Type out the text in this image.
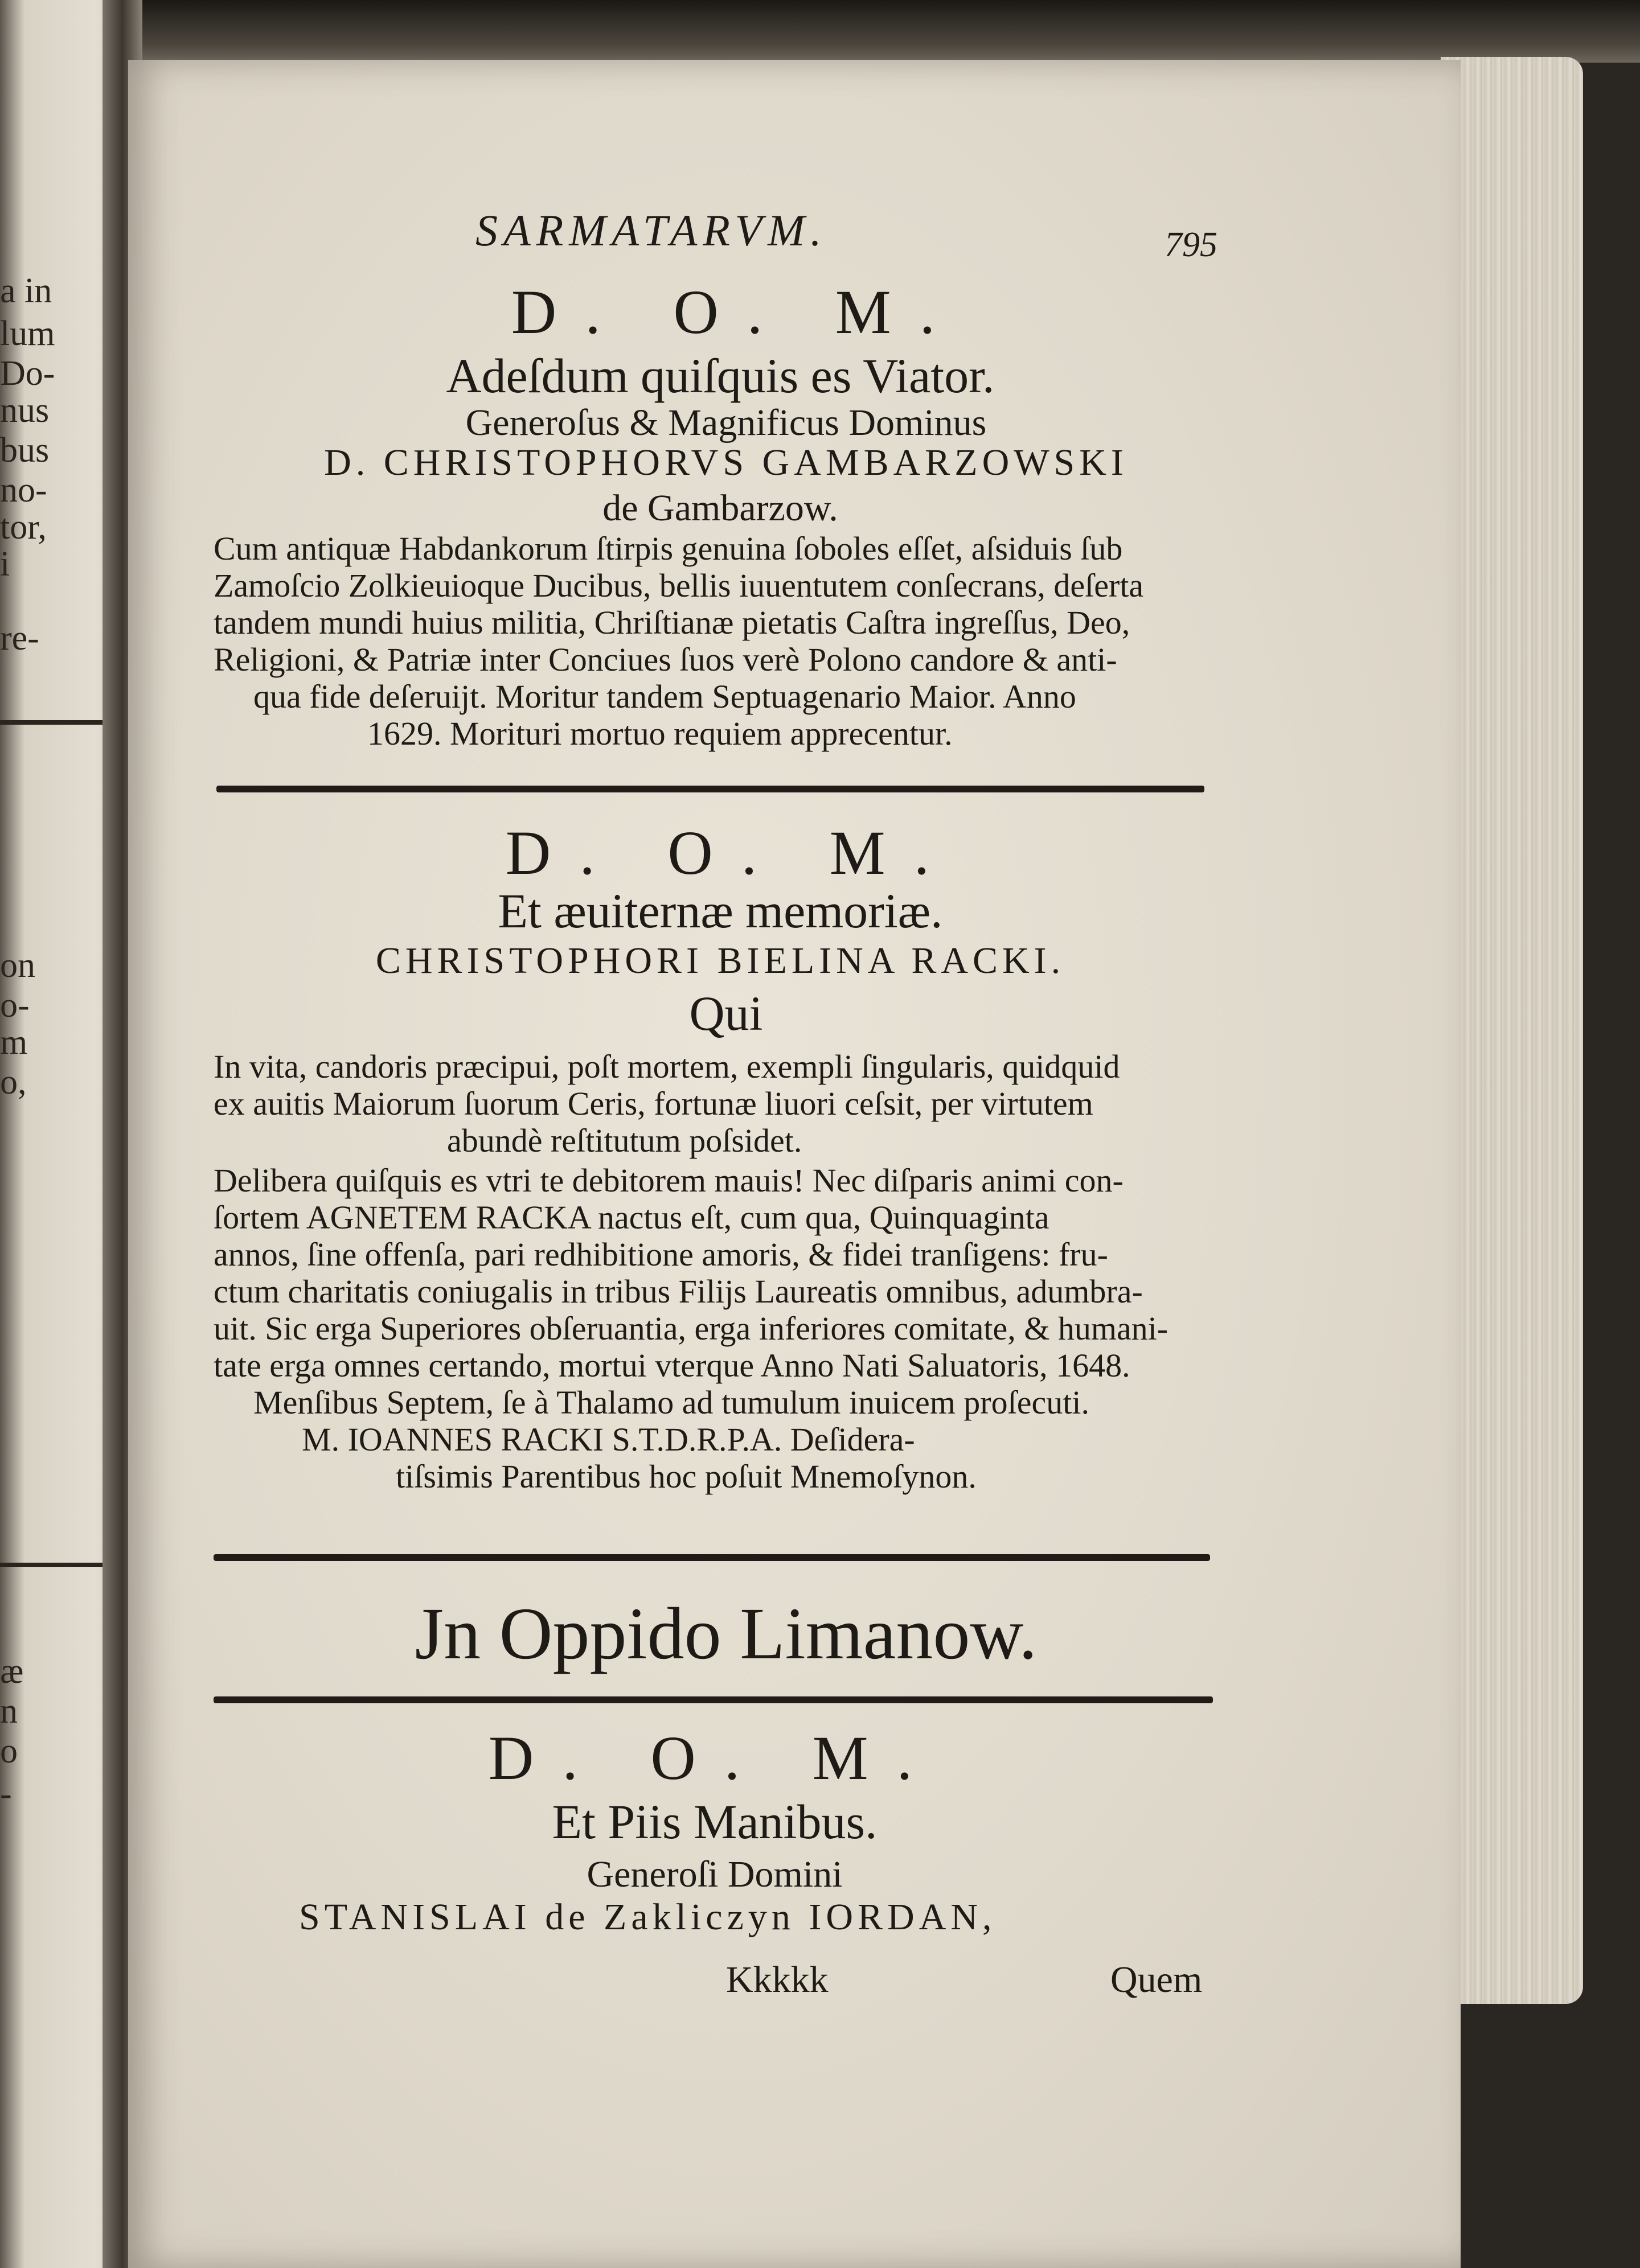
a in
lum
Do-
nus
bus
no-
tor,
i
re-
on
o-
m
o,
æ
n
o
-

SARMATARVM.	795

D. O. M.

Adeſdum quiſquis es Viator.

Generoſus & Magnificus Dominus

D. CHRISTOPHORVS GAMBARZOWSKI

de Gambarzow.

Cum antiquæ Habdankorum ſtirpis genuina ſoboles eſſet, aſsiduis ſub

Zamoſcio Zolkieuioque Ducibus, bellis iuuentutem conſecrans, deſerta

tandem mundi huius militia, Chriſtianæ pietatis Caſtra ingreſſus, Deo,

Religioni, & Patriæ inter Conciues ſuos verè Polono candore & anti-

qua fide deſeruijt. Moritur tandem Septuagenario Maior. Anno

1629. Morituri mortuo requiem apprecentur.

D. O. M.

Et æuiternæ memoriæ.

CHRISTOPHORI BIELINA RACKI.

Qui

In vita, candoris præcipui, poſt mortem, exempli ſingularis, quidquid

ex auitis Maiorum ſuorum Ceris, fortunæ liuori ceſsit, per virtutem

abundè reſtitutum poſsidet.

Delibera quiſquis es vtri te debitorem mauis! Nec diſparis animi con-

ſortem AGNETEM RACKA nactus eſt, cum qua, Quinquaginta

annos, ſine offenſa, pari redhibitione amoris, & fidei tranſigens: fru-

ctum charitatis coniugalis in tribus Filijs Laureatis omnibus, adumbra-

uit. Sic erga Superiores obſeruantia, erga inferiores comitate, & humani-

tate erga omnes certando, mortui vterque Anno Nati Saluatoris, 1648.

Menſibus Septem, ſe à Thalamo ad tumulum inuicem proſecuti.

M. IOANNES RACKI S.T.D.R.P.A. Deſidera-

tiſsimis Parentibus hoc poſuit Mnemoſynon.

Jn Oppido Limanow.

D. O. M.

Et Piis Manibus.

Generoſi Domini

STANISLAI de Zakliczyn IORDAN,

Kkkkk	Quem
